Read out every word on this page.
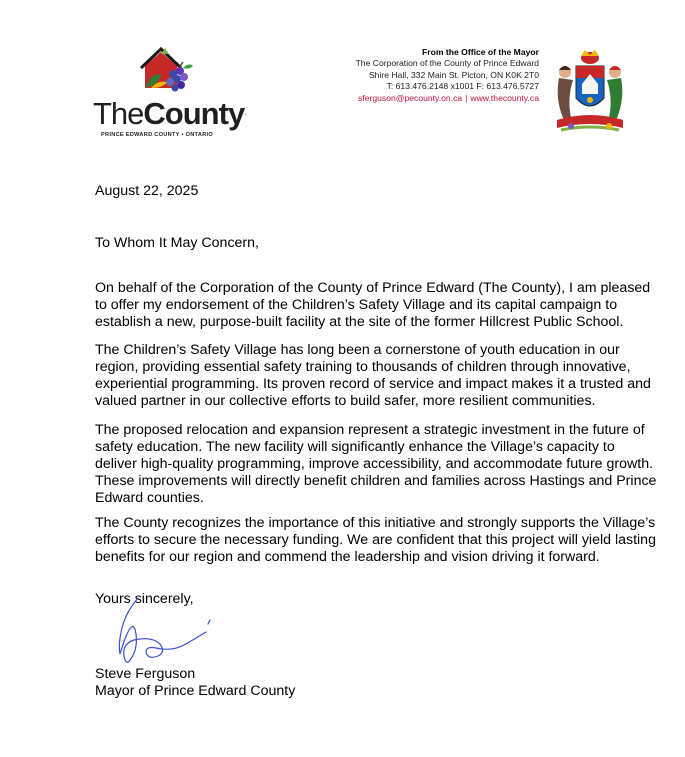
TheCounty.
PRINCE EDWARD COUNTY • ONTARIO
From the Office of the Mayor
The Corporation of the County of Prince Edward
Shire Hall, 332 Main St. Picton, ON K0K 2T0
T: 613.476.2148 x1001 F: 613.476.5727
sferguson@pecounty.on.ca | www.thecounty.ca
August 22, 2025
To Whom It May Concern,
On behalf of the Corporation of the County of Prince Edward (The County), I am pleased
to offer my endorsement of the Children’s Safety Village and its capital campaign to
establish a new, purpose-built facility at the site of the former Hillcrest Public School.
The Children’s Safety Village has long been a cornerstone of youth education in our
region, providing essential safety training to thousands of children through innovative,
experiential programming. Its proven record of service and impact makes it a trusted and
valued partner in our collective efforts to build safer, more resilient communities.
The proposed relocation and expansion represent a strategic investment in the future of
safety education. The new facility will significantly enhance the Village’s capacity to
deliver high-quality programming, improve accessibility, and accommodate future growth.
These improvements will directly benefit children and families across Hastings and Prince
Edward counties.
The County recognizes the importance of this initiative and strongly supports the Village’s
efforts to secure the necessary funding. We are confident that this project will yield lasting
benefits for our region and commend the leadership and vision driving it forward.
Yours sincerely,
Steve Ferguson
Mayor of Prince Edward County
